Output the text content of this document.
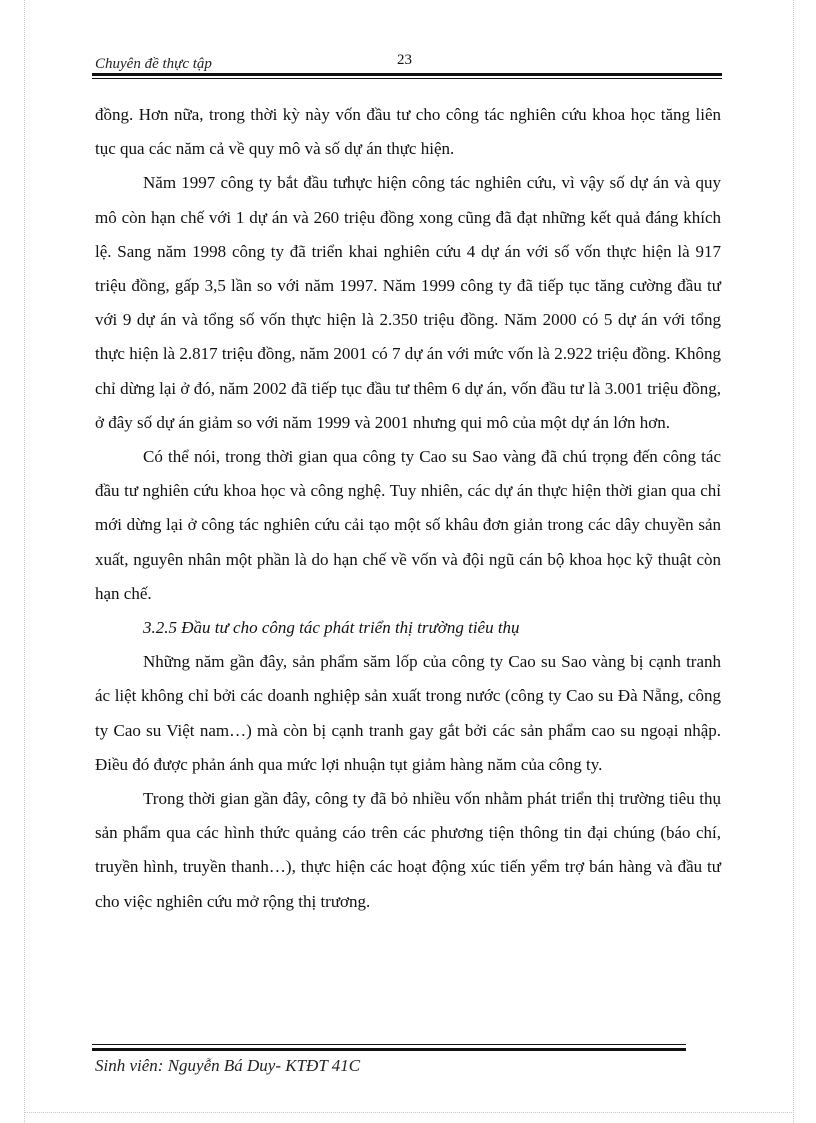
Chuyên đề thực tập	23

đồng. Hơn nữa, trong thời kỳ này vốn đầu tư cho công tác nghiên cứu khoa học tăng liên tục qua các năm cả về quy mô và số dự án thực hiện.

Năm 1997 công ty bắt đầu tưhực hiện công tác nghiên cứu, vì vậy số dự án và quy mô còn hạn chế với 1 dự án và 260 triệu đồng xong cũng đã đạt những kết quả đáng khích lệ. Sang năm 1998 công ty đã triển khai nghiên cứu 4 dự án với số vốn thực hiện là 917 triệu đồng, gấp 3,5 lần so với năm 1997. Năm 1999 công ty đã tiếp tục tăng cường đầu tư với 9 dự án và tổng số vốn thực hiện là 2.350 triệu đồng. Năm 2000 có 5 dự án với tổng thực hiện là 2.817 triệu đồng, năm 2001 có 7 dự án với mức vốn là 2.922 triệu đồng. Không chỉ dừng lại ở đó, năm 2002 đã tiếp tục đầu tư thêm 6 dự án, vốn đầu tư là 3.001 triệu đồng, ở đây số dự án giảm so với năm 1999 và 2001 nhưng qui mô của một dự án lớn hơn.

Có thể nói, trong thời gian qua công ty Cao su Sao vàng đã chú trọng đến công tác đầu tư nghiên cứu khoa học và công nghệ. Tuy nhiên, các dự án thực hiện thời gian qua chỉ mới dừng lại ở công tác nghiên cứu cải tạo một số khâu đơn giản trong các dây chuyền sản xuất, nguyên nhân một phần là do hạn chế về vốn và đội ngũ cán bộ khoa học kỹ thuật còn hạn chế.

3.2.5 Đầu tư cho công tác phát triển thị trường tiêu thụ

Những năm gần đây, sản phẩm săm lốp của công ty Cao su Sao vàng bị cạnh tranh ác liệt không chỉ bởi các doanh nghiệp sản xuất trong nước (công ty Cao su Đà Nẵng, công ty Cao su Việt nam…) mà còn bị cạnh tranh gay gắt bởi các sản phẩm cao su ngoại nhập. Điều đó được phản ánh qua mức lợi nhuận tụt giảm hàng năm của công ty.

Trong thời gian gần đây, công ty đã bỏ nhiều vốn nhằm phát triển thị trường tiêu thụ sản phẩm qua các hình thức quảng cáo trên các phương tiện thông tin đại chúng (báo chí, truyền hình, truyền thanh…), thực hiện các hoạt động xúc tiến yểm trợ bán hàng và đầu tư cho việc nghiên cứu mở rộng thị trương.

Sinh viên: Nguyễn Bá Duy- KTĐT 41C
